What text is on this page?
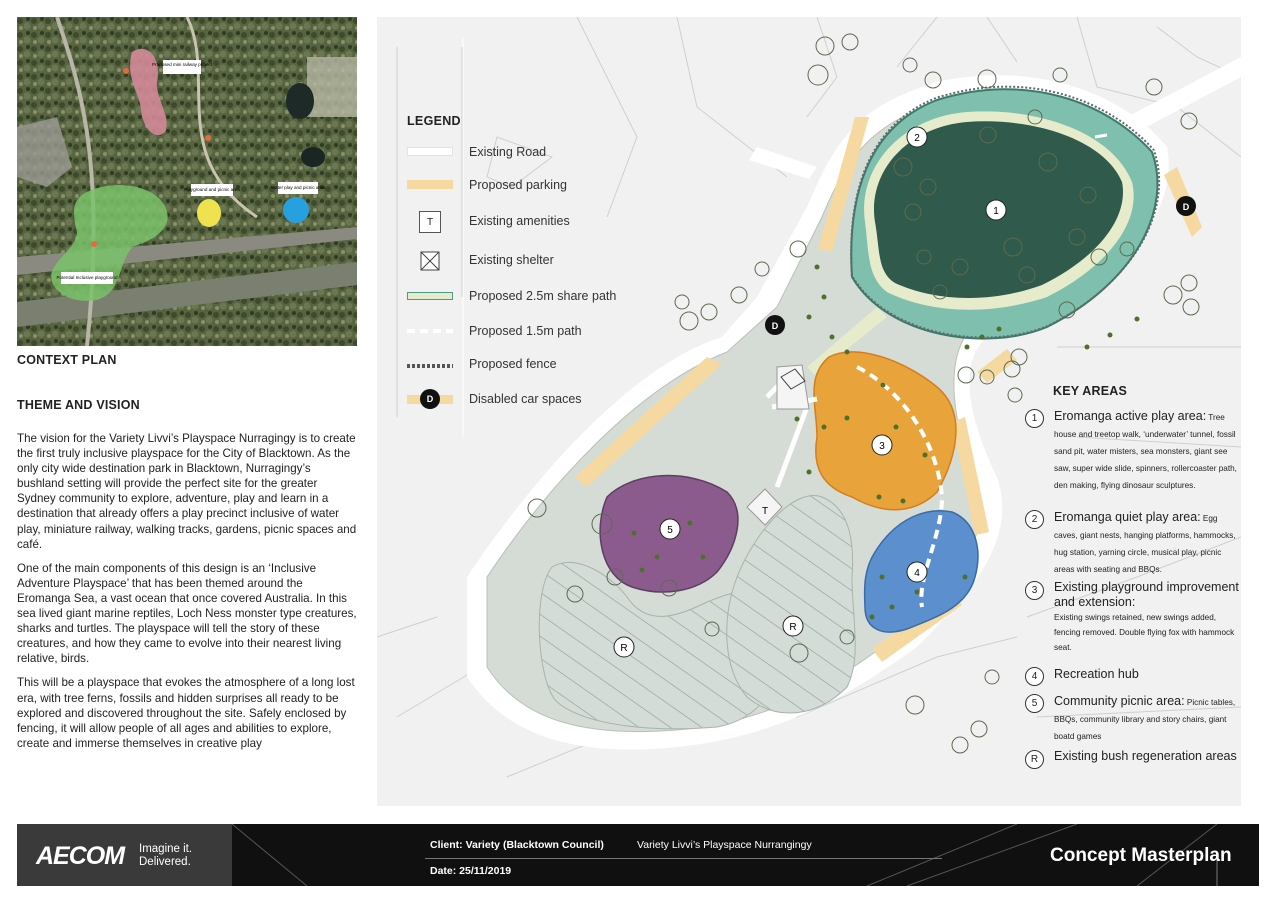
Proposed mini railway project
Playground and picnic area	Water play and picnic area
Potential Inclusive playground
CONTEXT PLAN
THEME AND VISION

The vision for the Variety Livvi’s Playspace Nurragingy is to create the first truly inclusive playspace for the City of Blacktown. As the only city wide destination park in Blacktown, Nurragingy’s bushland setting will provide the perfect site for the greater Sydney community to explore, adventure, play and learn in a destination that already offers a play precinct inclusive of water play, miniature railway, walking tracks, gardens, picnic spaces and café.

One of the main components of this design is an ‘Inclusive Adventure Playspace’ that has been themed around the Eromanga Sea, a vast ocean that once covered Australia. In this sea lived giant marine reptiles, Loch Ness monster type creatures, sharks and turtles. The playspace will tell the story of these creatures, and how they came to evolve into their nearest living relative, birds.

This will be a playspace that evokes the atmosphere of a long lost era, with tree ferns, fossils and hidden surprises all ready to be explored and discovered throughout the site. Safely enclosed by fencing, it will allow people of all ages and abilities to explore, create and immerse themselves in creative play

1
2
3
4
5
R
R
T
D
D
LEGEND
Existing Road
Proposed parking
T	Existing amenities
Existing shelter
Proposed 2.5m share path
Proposed 1.5m path
Proposed fence
D	Disabled car spaces
KEY AREAS
1	Eromanga active play area: Tree house and treetop walk, ‘underwater’ tunnel, fossil sand pit, water misters, sea monsters, giant see saw, super wide slide, spinners, rollercoaster path, den making, flying dinosaur sculptures.
2	Eromanga quiet play area: Egg caves, giant nests, hanging platforms, hammocks, hug station, yarning circle, musical play, picnic areas with seating and BBQs.
3	Existing playground improvement and extension:
Existing swings retained, new swings added, fencing removed. Double flying fox with hammock seat.
4	Recreation hub
5	Community picnic area: Picnic tables, BBQs, community library and story chairs, giant boatd games
R	Existing bush regeneration areas
AECOM Imagine it.
Delivered.
Client: Variety (Blacktown Council)	Variety Livvi’s Playspace Nurrangingy
Date: 25/11/2019
Concept Masterplan
